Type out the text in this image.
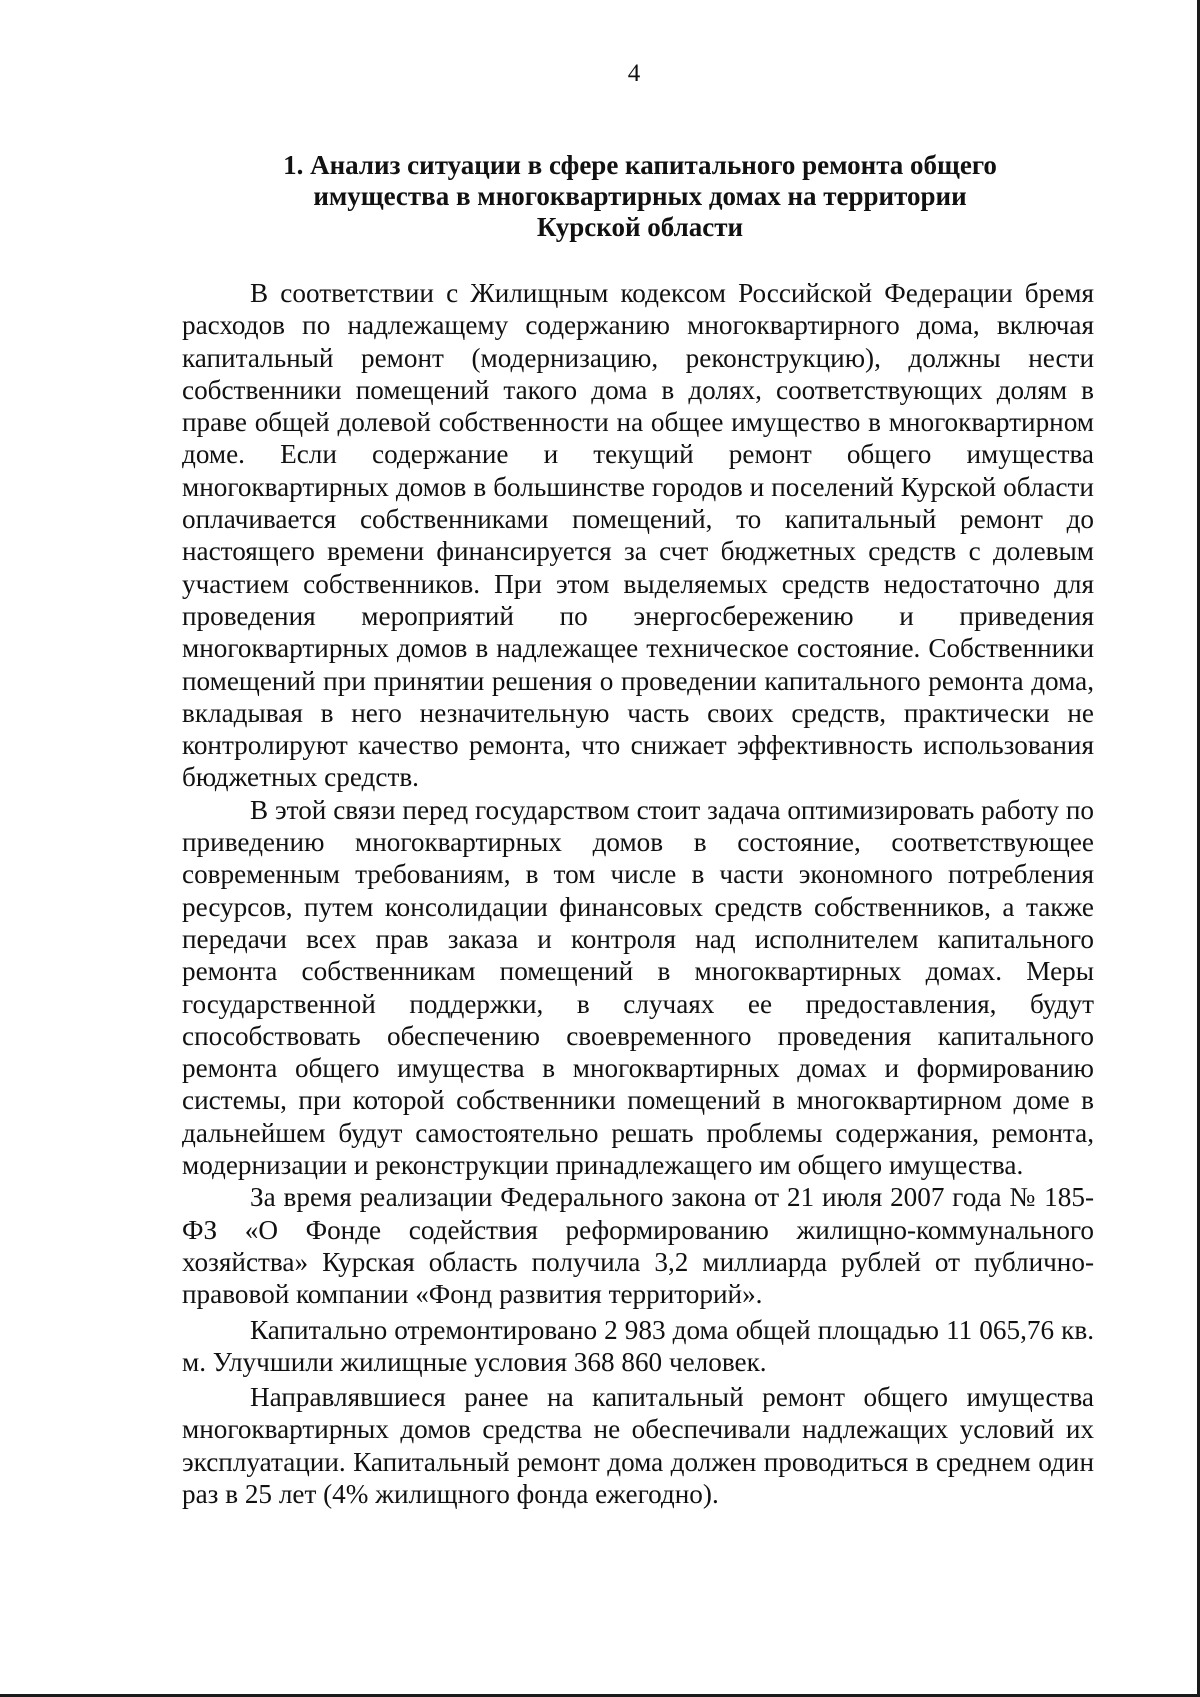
4
1. Анализ ситуации в сфере капитального ремонта общего
имущества в многоквартирных домах на территории
Курской области

В соответствии с Жилищным кодексом Российской Федерации бремя расходов по надлежащему содержанию многоквартирного дома, включая капитальный ремонт (модернизацию, реконструкцию), должны нести собственники помещений такого дома в долях, соответствующих долям в праве общей долевой собственности на общее имущество в многоквартирном доме. Если содержание и текущий ремонт общего имущества многоквартирных домов в большинстве городов и поселений Курской области оплачивается собственниками помещений, то капитальный ремонт до настоящего времени финансируется за счет бюджетных средств с долевым участием собственников. При этом выделяемых средств недостаточно для проведения мероприятий по энергосбережению и приведения многоквартирных домов в надлежащее техническое состояние. Собственники помещений при принятии решения о проведении капитального ремонта дома, вкладывая в него незначительную часть своих средств, практически не контролируют качество ремонта, что снижает эффективность использования бюджетных средств.

В этой связи перед государством стоит задача оптимизировать работу по приведению многоквартирных домов в состояние, соответствующее современным требованиям, в том числе в части экономного потребления ресурсов, путем консолидации финансовых средств собственников, а также передачи всех прав заказа и контроля над исполнителем капитального ремонта собственникам помещений в многоквартирных домах. Меры государственной поддержки, в случаях ее предоставления, будут способствовать обеспечению своевременного проведения капитального ремонта общего имущества в многоквартирных домах и формированию системы, при которой собственники помещений в многоквартирном доме в дальнейшем будут самостоятельно решать проблемы содержания, ремонта, модернизации и реконструкции принадлежащего им общего имущества.

За время реализации Федерального закона от 21 июля 2007 года № 185-ФЗ «О Фонде содействия реформированию жилищно-коммунального хозяйства» Курская область получила 3,2 миллиарда рублей от публично-правовой компании «Фонд развития территорий».

Капитально отремонтировано 2 983 дома общей площадью 11 065,76 кв. м. Улучшили жилищные условия 368 860 человек.

Направлявшиеся ранее на капитальный ремонт общего имущества многоквартирных домов средства не обеспечивали надлежащих условий их эксплуатации. Капитальный ремонт дома должен проводиться в среднем один раз в 25 лет (4% жилищного фонда ежегодно).
